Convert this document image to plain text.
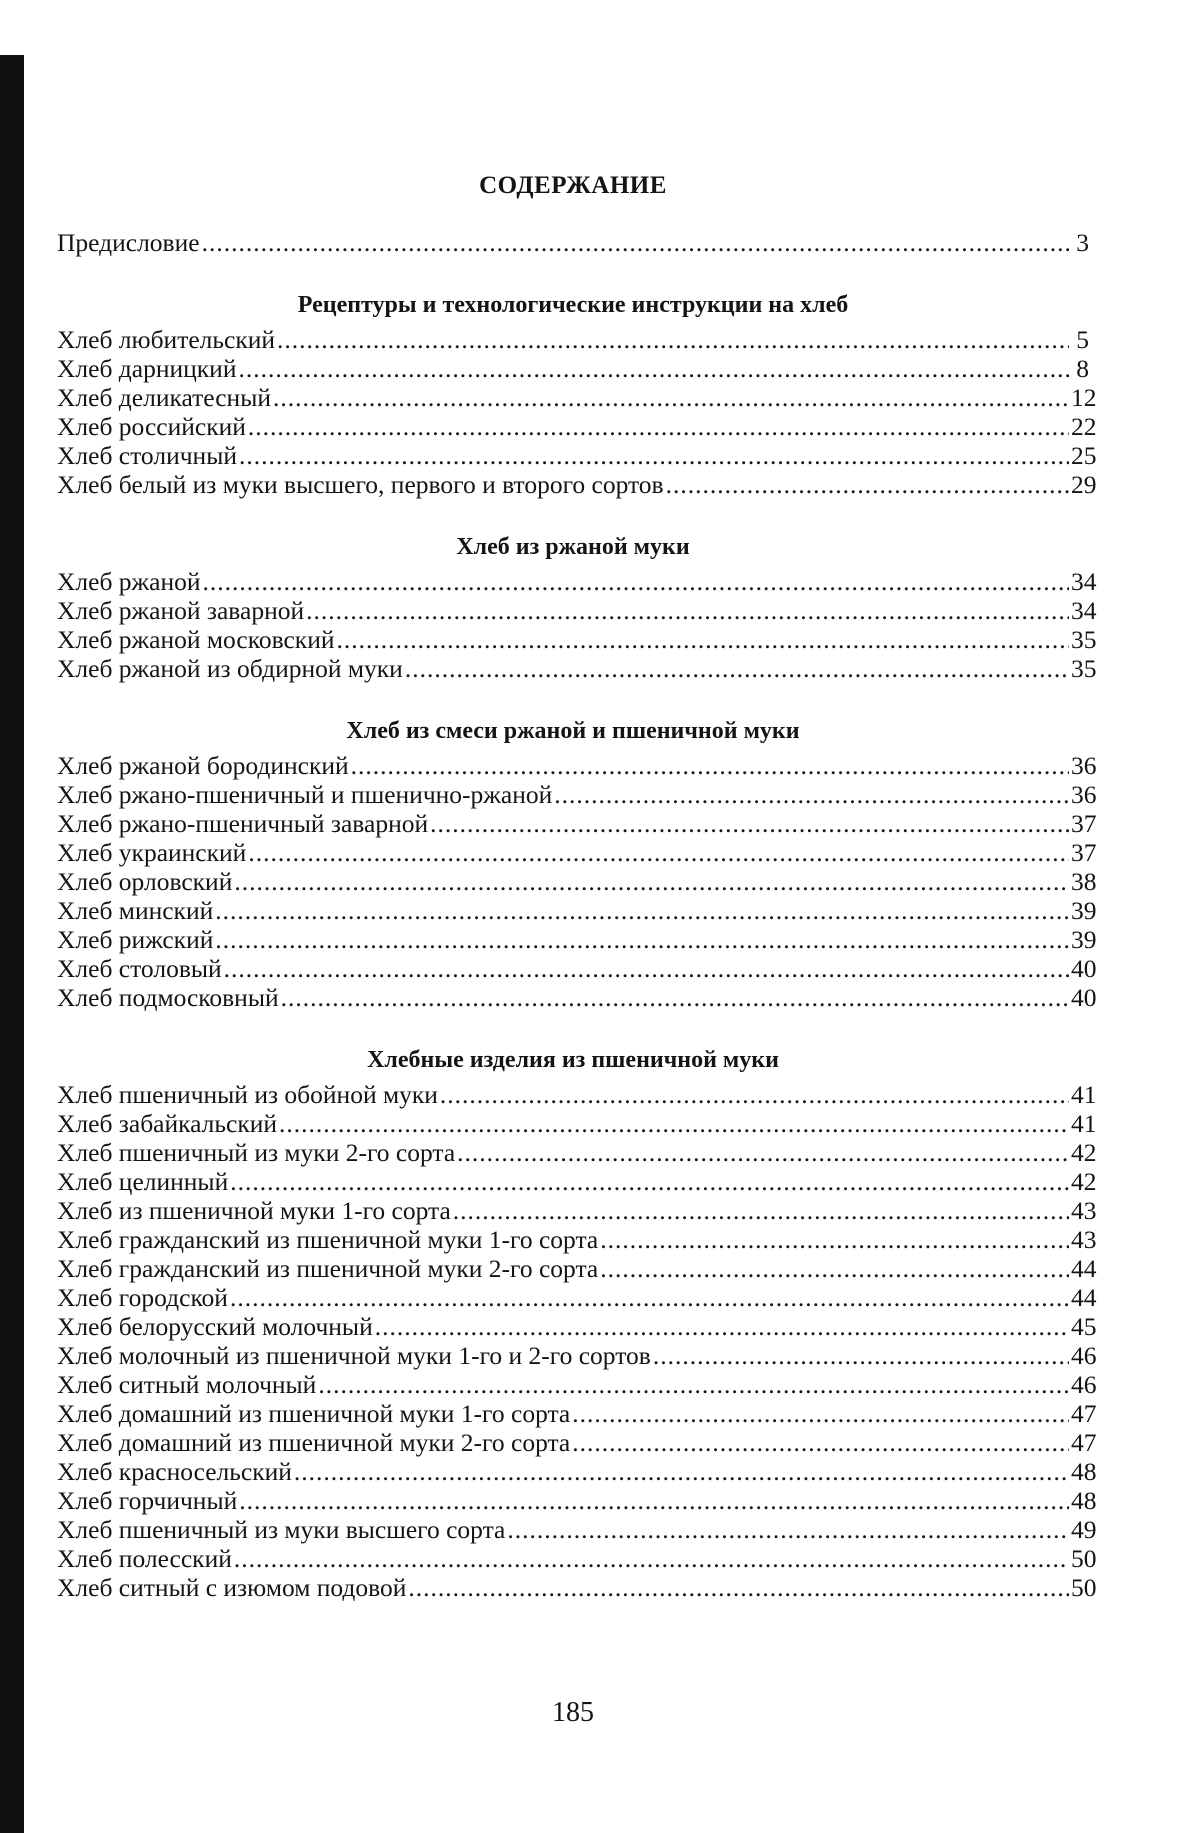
СОДЕРЖАНИЕ
Предисловие .....	3
Рецептуры и технологические инструкции на хлеб
Хлеб любительский .....	5
Хлеб дарницкий .....	8
Хлеб деликатесный .....	12
Хлеб российский .....	22
Хлеб столичный .....	25
Хлеб белый из муки высшего, первого и второго сортов .....	29
Хлеб из ржаной муки
Хлеб ржаной .....	34
Хлеб ржаной заварной .....	34
Хлеб ржаной московский .....	35
Хлеб ржаной из обдирной муки .....	35
Хлеб из смеси ржаной и пшеничной муки
Хлеб ржаной бородинский .....	36
Хлеб ржано-пшеничный и пшенично-ржаной .....	36
Хлеб ржано-пшеничный заварной .....	37
Хлеб украинский .....	37
Хлеб орловский .....	38
Хлеб минский .....	39
Хлеб рижский .....	39
Хлеб столовый .....	40
Хлеб подмосковный .....	40
Хлебные изделия из пшеничной муки
Хлеб пшеничный из обойной муки .....	41
Хлеб забайкальский .....	41
Хлеб пшеничный из муки 2-го сорта .....	42
Хлеб целинный .....	42
Хлеб из пшеничной муки 1-го сорта .....	43
Хлеб гражданский из пшеничной муки 1-го сорта .....	43
Хлеб гражданский из пшеничной муки 2-го сорта .....	44
Хлеб городской .....	44
Хлеб белорусский молочный .....	45
Хлеб молочный из пшеничной муки 1-го и 2-го сортов .....	46
Хлеб ситный молочный .....	46
Хлеб домашний из пшеничной муки 1-го сорта .....	47
Хлеб домашний из пшеничной муки 2-го сорта .....	47
Хлеб красносельский .....	48
Хлеб горчичный .....	48
Хлеб пшеничный из муки высшего сорта .....	49
Хлеб полесский .....	50
Хлеб ситный с изюмом подовой .....	50
185
